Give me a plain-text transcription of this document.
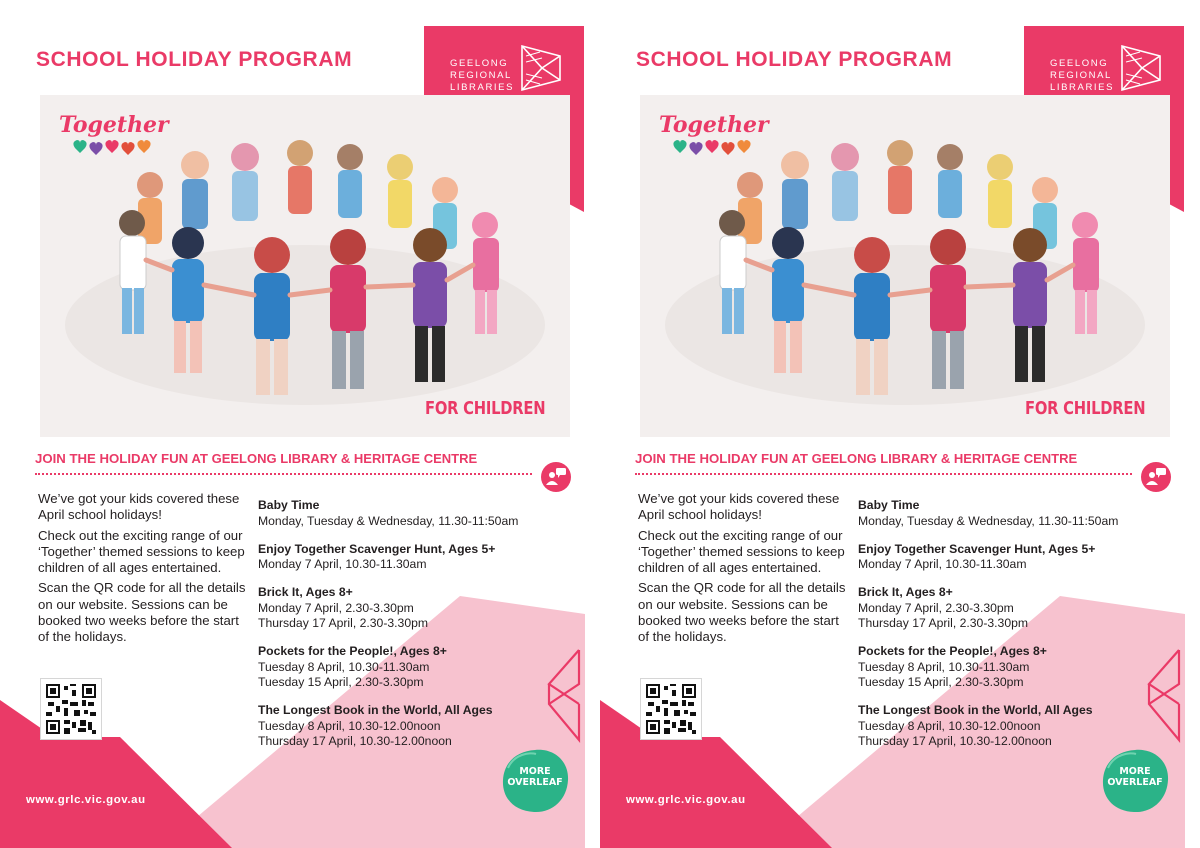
SCHOOL HOLIDAY PROGRAM	GEELONG
REGIONAL
LIBRARIES
Together
FOR CHILDREN
JOIN THE HOLIDAY FUN AT GEELONG LIBRARY & HERITAGE CENTRE

We’ve got your kids covered these April school holidays!

Check out the exciting range of our ‘Together’ themed sessions to keep children of all ages entertained.

Scan the QR code for all the details on our website. Sessions can be booked two weeks before the start of the holidays.

Baby Time
Monday, Tuesday & Wednesday, 11.30-11:50am
Enjoy Together Scavenger Hunt, Ages 5+
Monday 7 April, 10.30-11.30am
Brick It, Ages 8+
Monday 7 April, 2.30-3.30pm
Thursday 17 April, 2.30-3.30pm
Pockets for the People!, Ages 8+
Tuesday 8 April, 10.30-11.30am
Tuesday 15 April, 2.30-3.30pm
The Longest Book in the World, All Ages
Tuesday 8 April, 10.30-12.00noon
Thursday 17 April, 10.30-12.00noon
MORE
OVERLEAF
www.grlc.vic.gov.au
SCHOOL HOLIDAY PROGRAM	GEELONG
REGIONAL
LIBRARIES
Together
FOR CHILDREN
JOIN THE HOLIDAY FUN AT GEELONG LIBRARY & HERITAGE CENTRE

We’ve got your kids covered these April school holidays!

Check out the exciting range of our ‘Together’ themed sessions to keep children of all ages entertained.

Scan the QR code for all the details on our website. Sessions can be booked two weeks before the start of the holidays.

Baby Time
Monday, Tuesday & Wednesday, 11.30-11:50am
Enjoy Together Scavenger Hunt, Ages 5+
Monday 7 April, 10.30-11.30am
Brick It, Ages 8+
Monday 7 April, 2.30-3.30pm
Thursday 17 April, 2.30-3.30pm
Pockets for the People!, Ages 8+
Tuesday 8 April, 10.30-11.30am
Tuesday 15 April, 2.30-3.30pm
The Longest Book in the World, All Ages
Tuesday 8 April, 10.30-12.00noon
Thursday 17 April, 10.30-12.00noon
MORE
OVERLEAF
www.grlc.vic.gov.au
